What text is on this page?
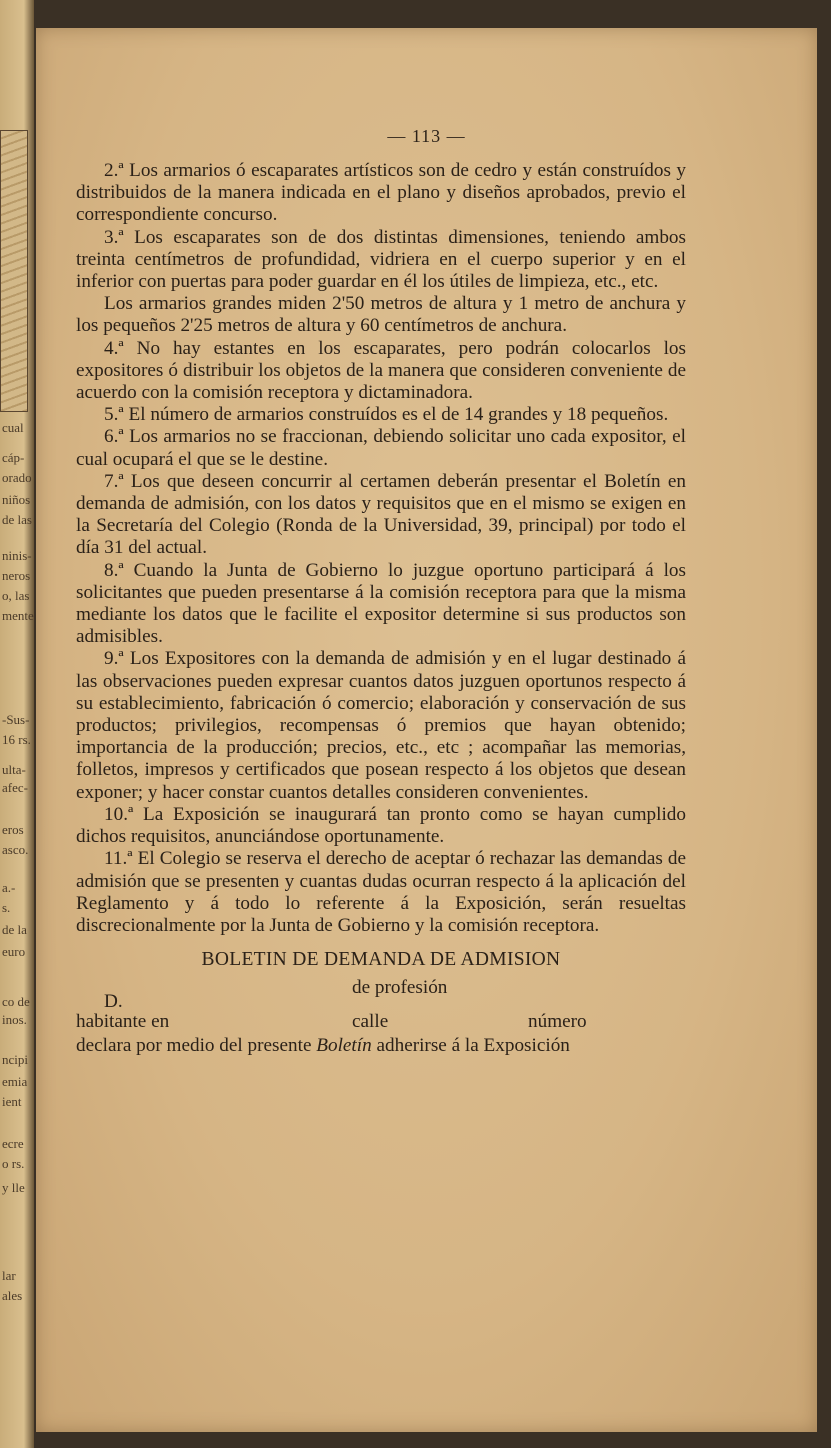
cual
cáp-
orado
niños
de las
ninis-
neros
o, las
mente
-Sus-
16 rs.
ulta-
afec-
eros
asco.
a.-
s.
de la
euro
co de
inos.
ncipi
emia
ient
ecre
o rs.
y lle
lar
ales
— 113 —

2.ª Los armarios ó escaparates artísticos son de cedro y están construídos y distribuidos de la manera indicada en el plano y diseños aprobados, previo el correspondiente concurso.

3.ª Los escaparates son de dos distintas dimensiones, teniendo ambos treinta centímetros de profundidad, vidriera en el cuerpo superior y en el inferior con puertas para poder guardar en él los útiles de limpieza, etc., etc.

Los armarios grandes miden 2'50 metros de altura y 1 metro de anchura y los pequeños 2'25 metros de altura y 60 centímetros de anchura.

4.ª No hay estantes en los escaparates, pero podrán colocarlos los expositores ó distribuir los objetos de la manera que consideren conveniente de acuerdo con la comisión receptora y dictaminadora.

5.ª El número de armarios construídos es el de 14 grandes y 18 pequeños.

6.ª Los armarios no se fraccionan, debiendo solicitar uno cada expositor, el cual ocupará el que se le destine.

7.ª Los que deseen concurrir al certamen deberán presentar el Boletín en demanda de admisión, con los datos y requisitos que en el mismo se exigen en la Secretaría del Colegio (Ronda de la Universidad, 39, principal) por todo el día 31 del actual.

8.ª Cuando la Junta de Gobierno lo juzgue oportuno participará á los solicitantes que pueden presentarse á la comisión receptora para que la misma mediante los datos que le facilite el expositor determine si sus productos son admisibles.

9.ª Los Expositores con la demanda de admisión y en el lugar destinado á las observaciones pueden expresar cuantos datos juzguen oportunos respecto á su establecimiento, fabricación ó comercio; elaboración y conservación de sus productos; privilegios, recompensas ó premios que hayan obtenido; importancia de la producción; precios, etc., etc ; acompañar las memorias, folletos, impresos y certificados que posean respecto á los objetos que desean exponer; y hacer constar cuantos detalles consideren convenientes.

10.ª La Exposición se inaugurará tan pronto como se hayan cumplido dichos requisitos, anunciándose oportunamente.

11.ª El Colegio se reserva el derecho de aceptar ó rechazar las demandas de admisión que se presenten y cuantas dudas ocurran respecto á la aplicación del Reglamento y á todo lo referente á la Exposición, serán resueltas discrecionalmente por la Junta de Gobierno y la comisión receptora.

BOLETIN DE DEMANDA DE ADMISION
D.
de profesión
habitante en	calle	número
declara por medio del presente Boletín adherirse á la Exposición
